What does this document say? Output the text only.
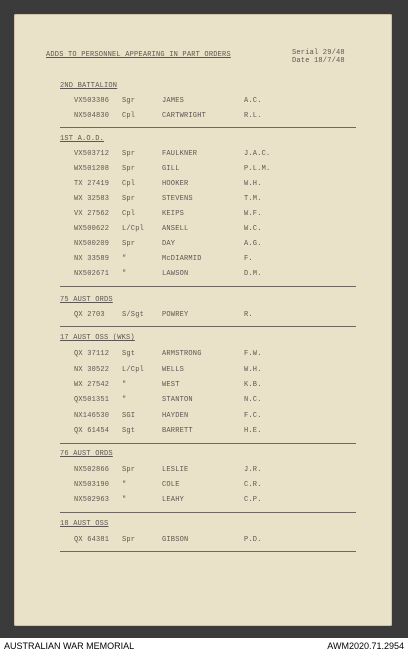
ADDS TO PERSONNEL APPEARING IN PART ORDERS	Serial 29/48
Date 18/7/48
2ND BATTALION
VX503386 Sgr	JAMES	A.C.
NX504830 Cpl	CARTWRIGHT	R.L.
1ST A.O.D.
VX503712 Spr	FAULKNER	J.A.C.
WX501208 Spr	GILL	P.L.M.
TX 27419 Cpl	HOOKER	W.H.
WX 32583 Spr	STEVENS	T.M.
VX 27562 Cpl	KEIPS	W.F.
WX500622 L/Cpl	ANSELL	W.C.
NX500209 Spr	DAY	A.G.
NX 33589 "	McDIARMID	F.
NX502671 "	LAWSON	D.M.
75 AUST ORDS
QX 2703 S/Sgt	POWREY	R.
17 AUST OSS (WKS)
QX 37112 Sgt	ARMSTRONG	F.W.
NX 30522 L/Cpl	WELLS	W.H.
WX 27542 "	WEST	K.B.
QX501351 "	STANTON	N.C.
NX146530 SGI	HAYDEN	F.C.
QX 61454 Sgt	BARRETT	H.E.
76 AUST ORDS
NX502866 Spr	LESLIE	J.R.
NX503190 "	COLE	C.R.
NX502963 "	LEAHY	C.P.
18 AUST OSS
QX 64381 Spr	GIBSON	P.D.
AUSTRALIAN WAR MEMORIAL	AWM2020.71.2954
